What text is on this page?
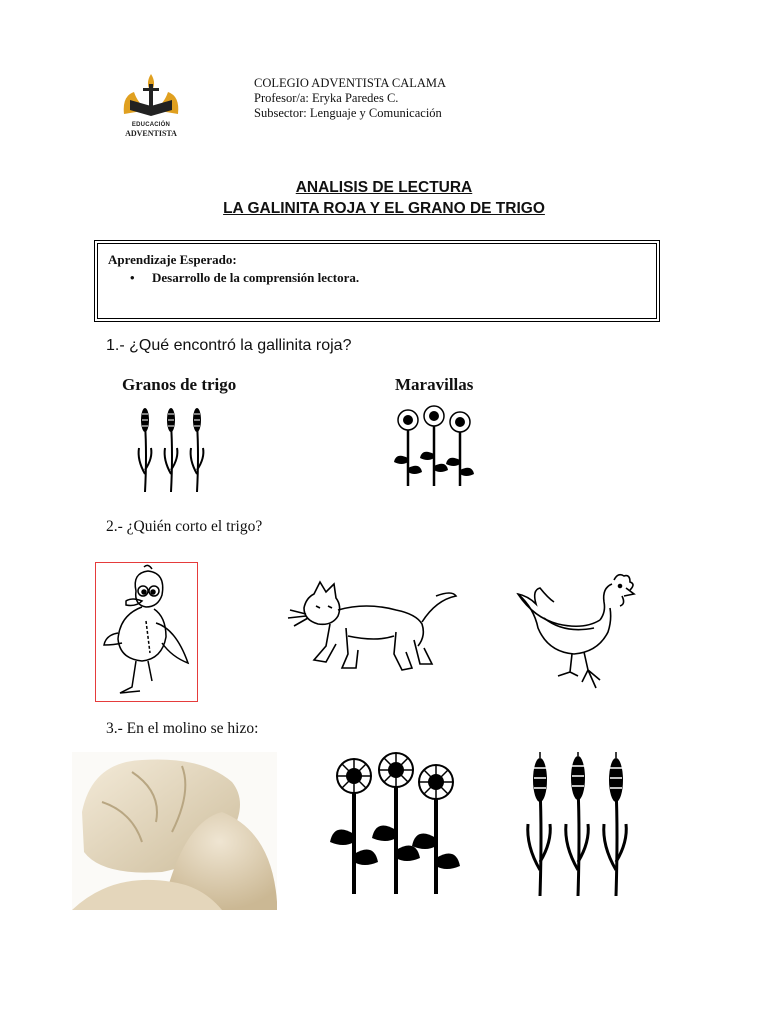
EDUCACIÓN
ADVENTISTA
COLEGIO ADVENTISTA CALAMA
Profesor/a: Eryka Paredes C.
Subsector: Lenguaje y Comunicación
ANALISIS DE LECTURA
LA GALINITA ROJA Y EL GRANO DE TRIGO
Aprendizaje Esperado:
• Desarrollo de la comprensión lectora.
1.- ¿Qué encontró la gallinita roja?
Granos de trigo	Maravillas
2.- ¿Quién corto el trigo?
3.- En el molino se hizo:
